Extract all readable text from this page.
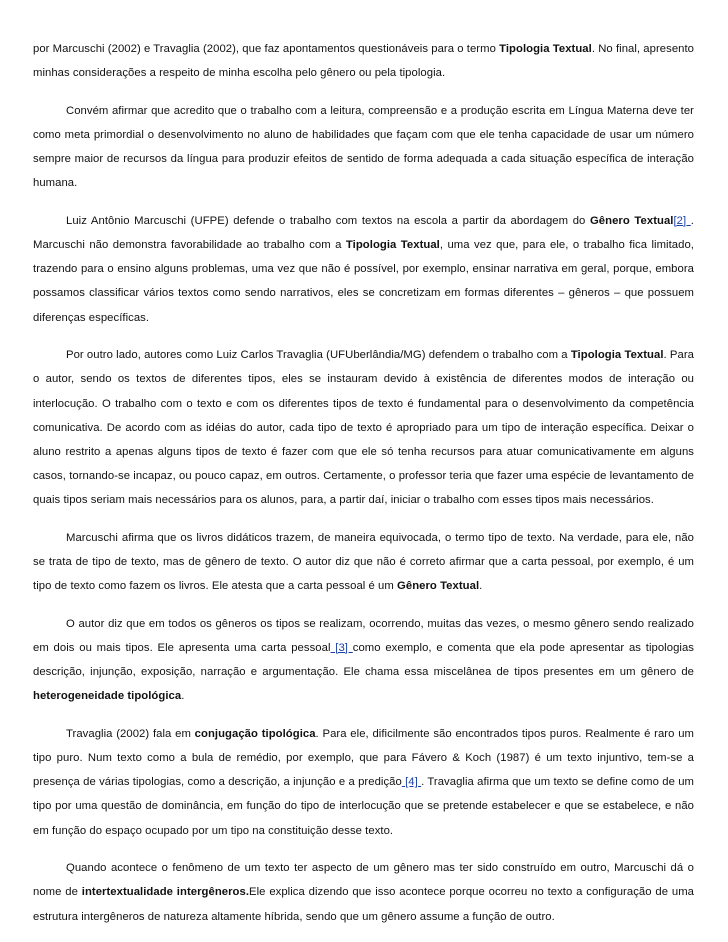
por Marcuschi (2002) e Travaglia (2002), que faz apontamentos questionáveis para o termo Tipologia Textual. No final, apresento minhas considerações a respeito de minha escolha pelo gênero ou pela tipologia.

Convém afirmar que acredito que o trabalho com a leitura, compreensão e a produção escrita em Língua Materna deve ter como meta primordial o desenvolvimento no aluno de habilidades que façam com que ele tenha capacidade de usar um número sempre maior de recursos da língua para produzir efeitos de sentido de forma adequada a cada situação específica de interação humana.

Luiz Antônio Marcuschi (UFPE) defende o trabalho com textos na escola a partir da abordagem do Gênero Textual[2] . Marcuschi não demonstra favorabilidade ao trabalho com a Tipologia Textual, uma vez que, para ele, o trabalho fica limitado, trazendo para o ensino alguns problemas, uma vez que não é possível, por exemplo, ensinar narrativa em geral, porque, embora possamos classificar vários textos como sendo narrativos, eles se concretizam em formas diferentes – gêneros – que possuem diferenças específicas.

Por outro lado, autores como Luiz Carlos Travaglia (UFUberlândia/MG) defendem o trabalho com a Tipologia Textual. Para o autor, sendo os textos de diferentes tipos, eles se instauram devido à existência de diferentes modos de interação ou interlocução. O trabalho com o texto e com os diferentes tipos de texto é fundamental para o desenvolvimento da competência comunicativa. De acordo com as idéias do autor, cada tipo de texto é apropriado para um tipo de interação específica. Deixar o aluno restrito a apenas alguns tipos de texto é fazer com que ele só tenha recursos para atuar comunicativamente em alguns casos, tornando-se incapaz, ou pouco capaz, em outros. Certamente, o professor teria que fazer uma espécie de levantamento de quais tipos seriam mais necessários para os alunos, para, a partir daí, iniciar o trabalho com esses tipos mais necessários.

Marcuschi afirma que os livros didáticos trazem, de maneira equivocada, o termo tipo de texto. Na verdade, para ele, não se trata de tipo de texto, mas de gênero de texto. O autor diz que não é correto afirmar que a carta pessoal, por exemplo, é um tipo de texto como fazem os livros. Ele atesta que a carta pessoal é um Gênero Textual.

O autor diz que em todos os gêneros os tipos se realizam, ocorrendo, muitas das vezes, o mesmo gênero sendo realizado em dois ou mais tipos. Ele apresenta uma carta pessoal [3] como exemplo, e comenta que ela pode apresentar as tipologias descrição, injunção, exposição, narração e argumentação. Ele chama essa miscelânea de tipos presentes em um gênero de heterogeneidade tipológica.

Travaglia (2002) fala em conjugação tipológica. Para ele, dificilmente são encontrados tipos puros. Realmente é raro um tipo puro. Num texto como a bula de remédio, por exemplo, que para Fávero & Koch (1987) é um texto injuntivo, tem-se a presença de várias tipologias, como a descrição, a injunção e a predição [4] . Travaglia afirma que um texto se define como de um tipo por uma questão de dominância, em função do tipo de interlocução que se pretende estabelecer e que se estabelece, e não em função do espaço ocupado por um tipo na constituição desse texto.

Quando acontece o fenômeno de um texto ter aspecto de um gênero mas ter sido construído em outro, Marcuschi dá o nome de intertextualidade intergêneros.Ele explica dizendo que isso acontece porque ocorreu no texto a configuração de uma estrutura intergêneros de natureza altamente híbrida, sendo que um gênero assume a função de outro.
